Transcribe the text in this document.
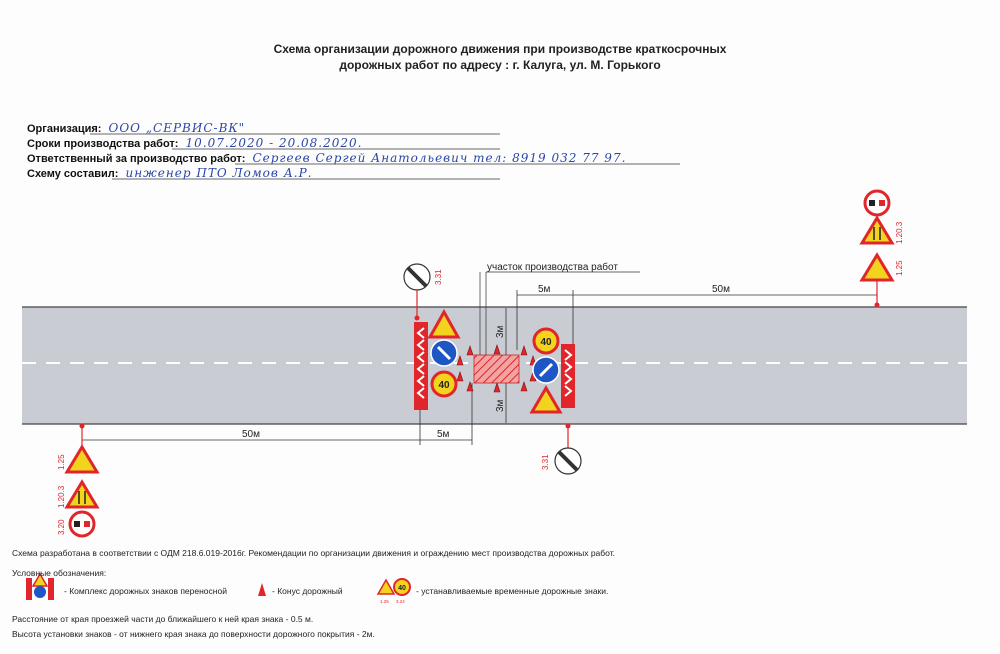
Схема организации дорожного движения при производстве краткосрочных
дорожных работ по адресу : г. Калуга, ул. М. Горького
Организация: ООО „СЕРВИС-ВК"
Сроки производства работ: 10.07.2020 - 20.08.2020.
Ответственный за производство работ: Сергеев Сергей Анатольевич тел: 8919 032 77 97.
Схему составил: инженер ПТО Ломов А.Р.
участок производства работ
5м	50м
50м	5м
3м
3м
40
40
3.31
3.31
1.20.3
1.25
1.25
1.20.3
3.20
40
1.25 3.24
Схема разработана в соответствии с ОДМ 218.6.019-2016г. Рекомендации по организации движения и ограждению мест производства дорожных работ.
Условные обозначения:
- Комплекс дорожных знаков переносной	- Конус дорожный	- устанавливаемые временные дорожные знаки.
Расстояние от края проезжей части до ближайшего к ней края знака - 0.5 м.
Высота установки знаков - от нижнего края знака до поверхности дорожного покрытия - 2м.
